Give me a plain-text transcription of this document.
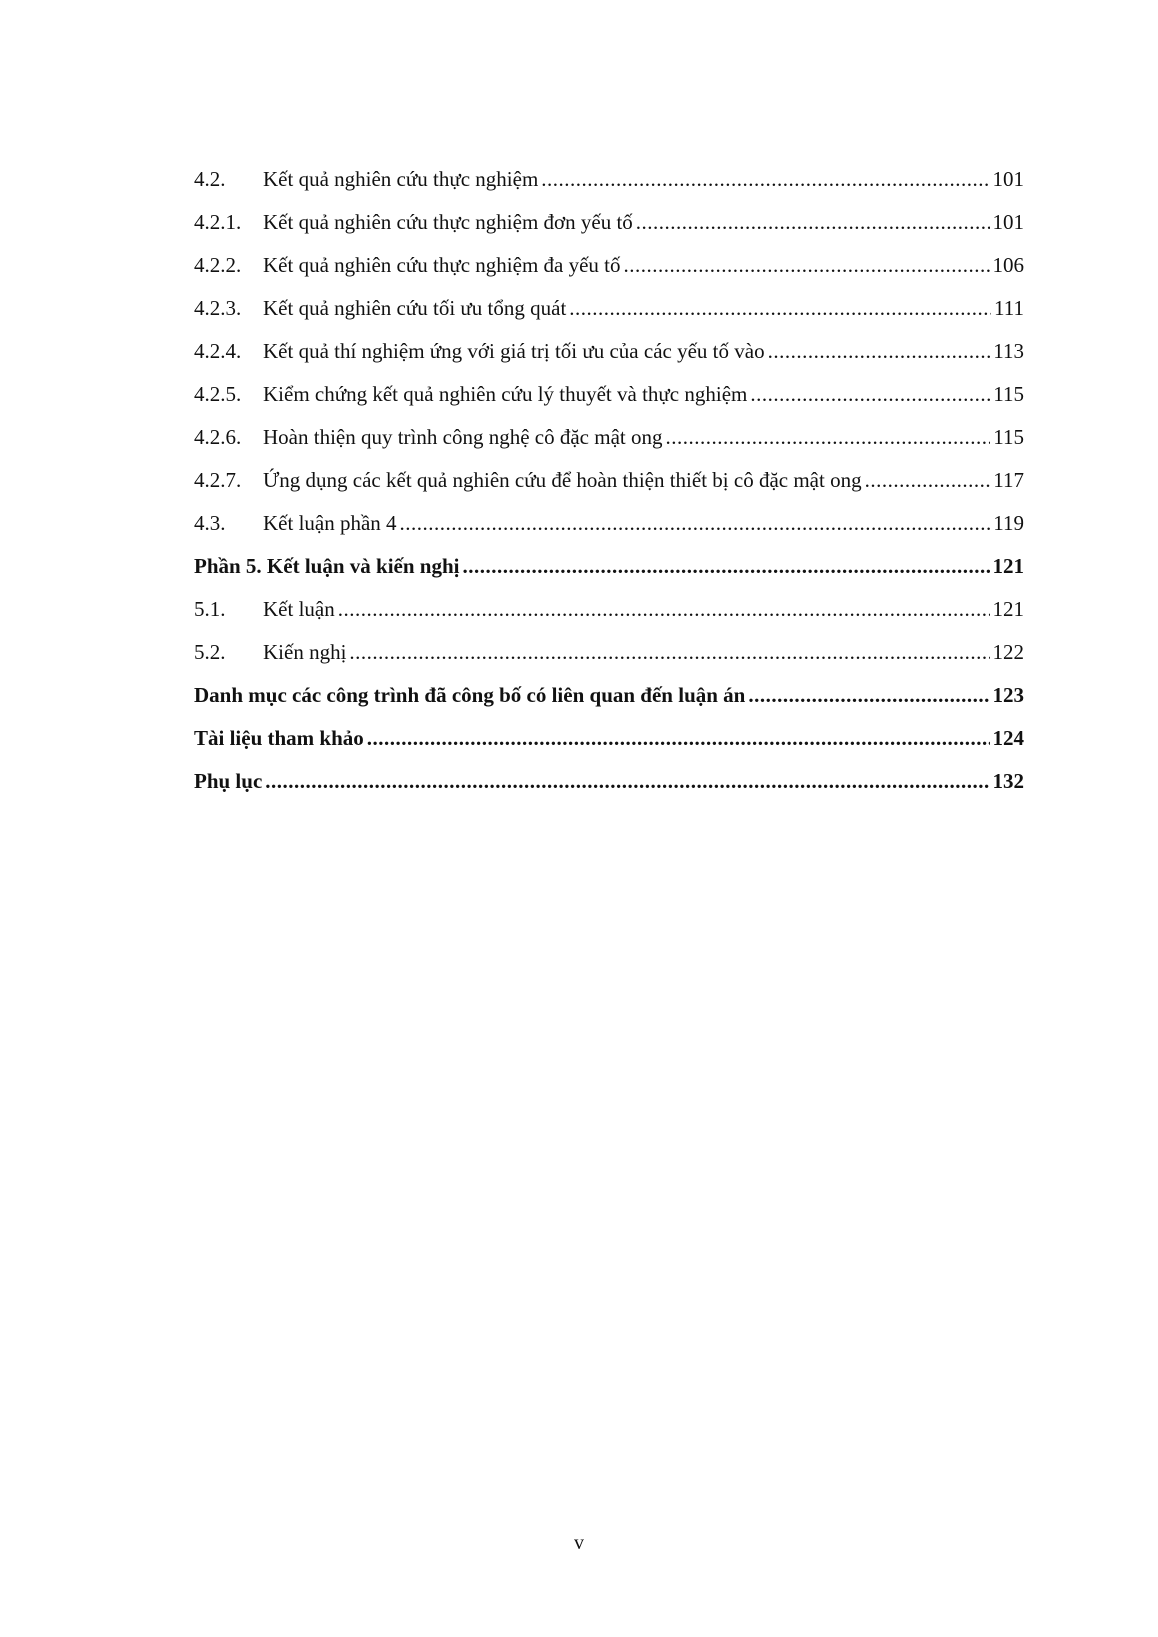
4.2.	Kết quả nghiên cứu thực nghiệm .....	101
4.2.1.	Kết quả nghiên cứu thực nghiệm đơn yếu tố .....	101
4.2.2.	Kết quả nghiên cứu thực nghiệm đa yếu tố .....	106
4.2.3.	Kết quả nghiên cứu tối ưu tổng quát .....	111
4.2.4.	Kết quả thí nghiệm ứng với giá trị tối ưu của các yếu tố vào .....	113
4.2.5.	Kiểm chứng kết quả nghiên cứu lý thuyết và thực nghiệm .....	115
4.2.6.	Hoàn thiện quy trình công nghệ cô đặc mật ong .....	115
4.2.7.	Ứng dụng các kết quả nghiên cứu để hoàn thiện thiết bị cô đặc mật ong .....	117
4.3.	Kết luận phần 4 .....	119
Phần 5. Kết luận và kiến nghị .....	121
5.1.	Kết luận .....	121
5.2.	Kiến nghị .....	122
Danh mục các công trình đã công bố có liên quan đến luận án .....	123
Tài liệu tham khảo .....	124
Phụ lục .....	132
v
